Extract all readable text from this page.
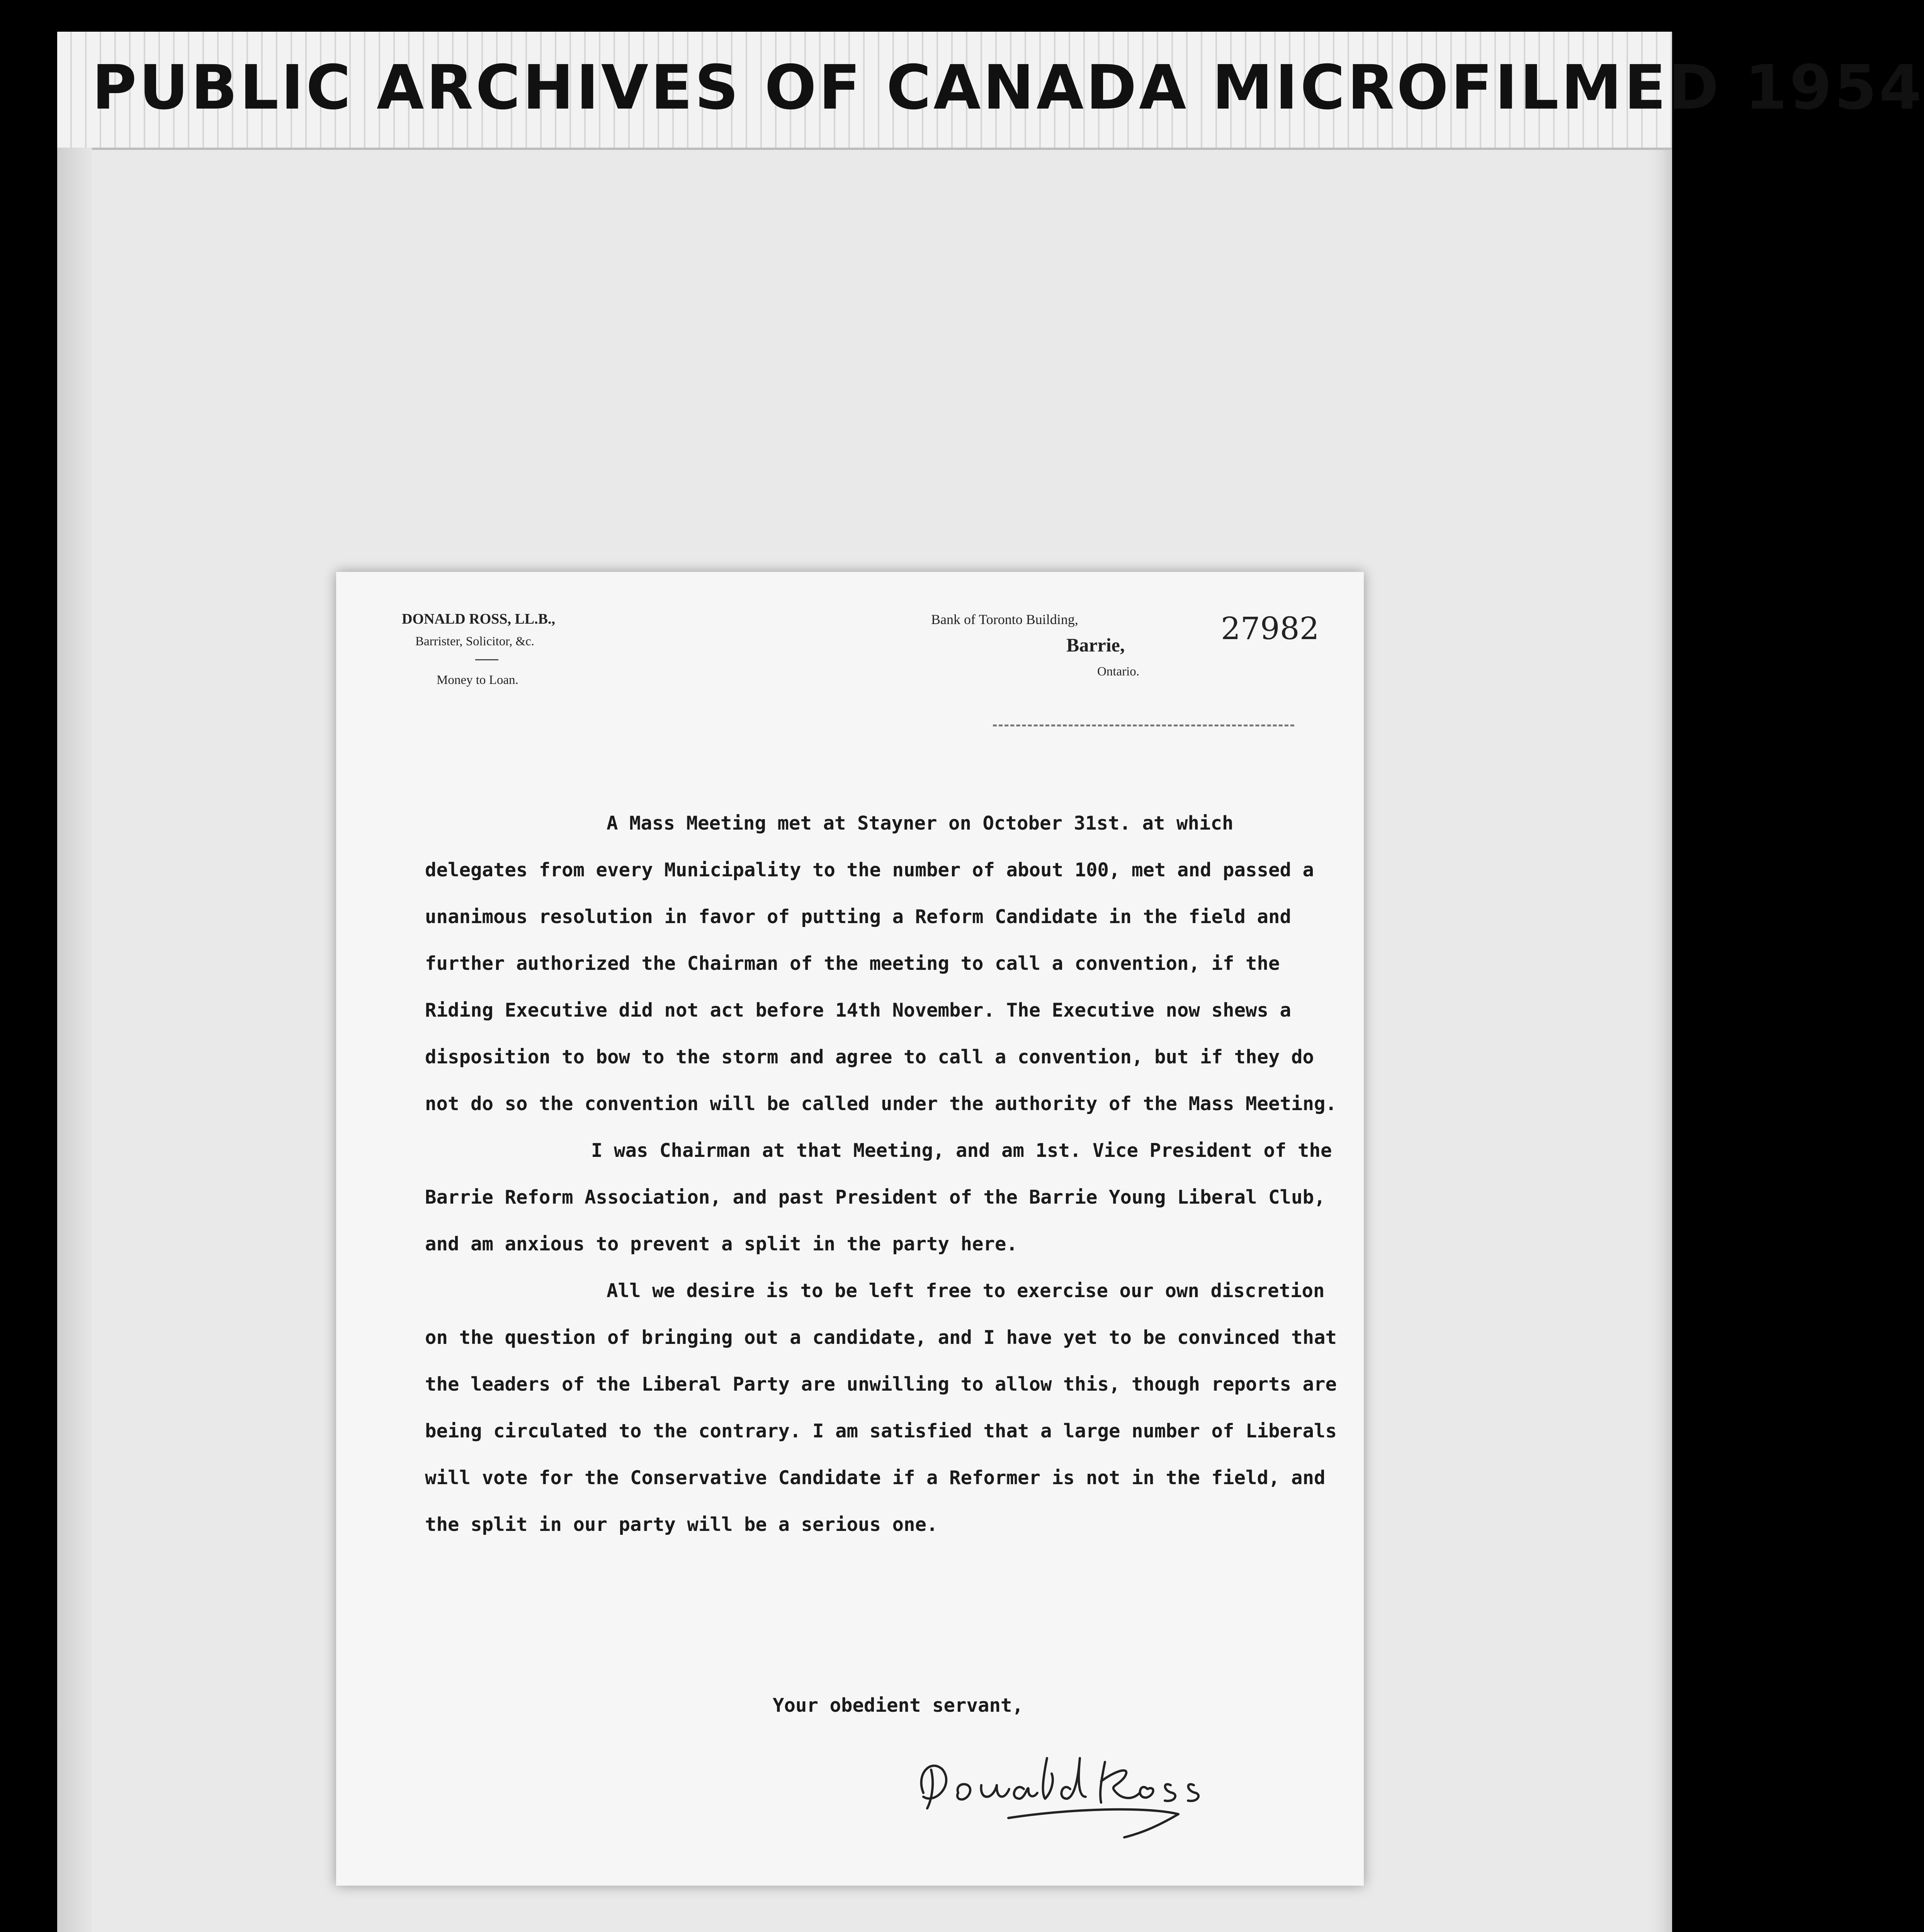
PUBLIC ARCHIVES OF CANADA MICROFILMED 1954
DONALD ROSS, LL.B.,
Barrister, Solicitor, &c.
Money to Loan.
Bank of Toronto Building,
Barrie,
Ontario.
27982

A Mass Meeting met at Stayner on October 31st. at which delegates from every Municipality to the number of about 100, met and passed a unanimous resolution in favor of putting a Reform Candidate in the field and further authorized the Chairman of the meeting to call a convention, if the Riding Executive did not act before 14th November. The Executive now shews a disposition to bow to the storm and agree to call a convention, but if they do not do so the convention will be called under the authority of the Mass Meeting.

I was Chairman at that Meeting, and am 1st. Vice President of the Barrie Reform Association, and past President of the Barrie Young Liberal Club, and am anxious to prevent a split in the party here.

All we desire is to be left free to exercise our own discretion on the question of bringing out a candidate, and I have yet to be convinced that the leaders of the Liberal Party are unwilling to allow this, though reports are being circulated to the contrary. I am satisfied that a large number of Liberals will vote for the Conservative Candidate if a Reformer is not in the field, and the split in our party will be a serious one.

Your obedient servant,
